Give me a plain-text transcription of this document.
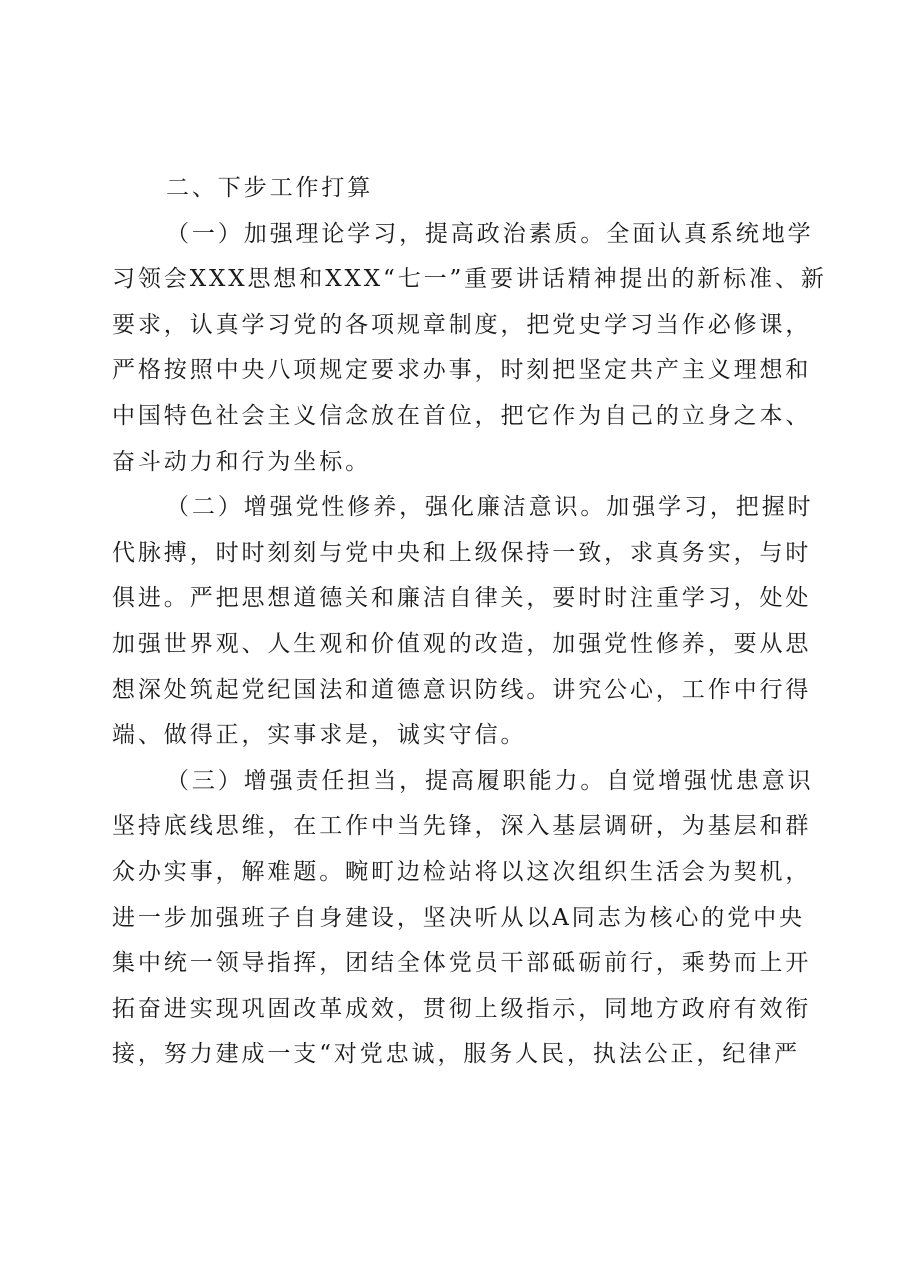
二、下步工作打算
（一）加强理论学习，提高政治素质。全面认真系统地学
习领会XXX思想和XXX“七一”重要讲话精神提出的新标准、新
要求，认真学习党的各项规章制度，把党史学习当作必修课，
严格按照中央八项规定要求办事，时刻把坚定共产主义理想和
中国特色社会主义信念放在首位，把它作为自己的立身之本、
奋斗动力和行为坐标。
（二）增强党性修养，强化廉洁意识。加强学习，把握时
代脉搏，时时刻刻与党中央和上级保持一致，求真务实，与时
俱进。严把思想道德关和廉洁自律关，要时时注重学习，处处
加强世界观、人生观和价值观的改造，加强党性修养，要从思
想深处筑起党纪国法和道德意识防线。讲究公心，工作中行得
端、做得正，实事求是，诚实守信。
（三）增强责任担当，提高履职能力。自觉增强忧患意识
坚持底线思维，在工作中当先锋，深入基层调研，为基层和群
众办实事，解难题。畹町边检站将以这次组织生活会为契机，
进一步加强班子自身建设，坚决听从以A同志为核心的党中央
集中统一领导指挥，团结全体党员干部砥砺前行，乘势而上开
拓奋进实现巩固改革成效，贯彻上级指示，同地方政府有效衔
接，努力建成一支“对党忠诚，服务人民，执法公正，纪律严
